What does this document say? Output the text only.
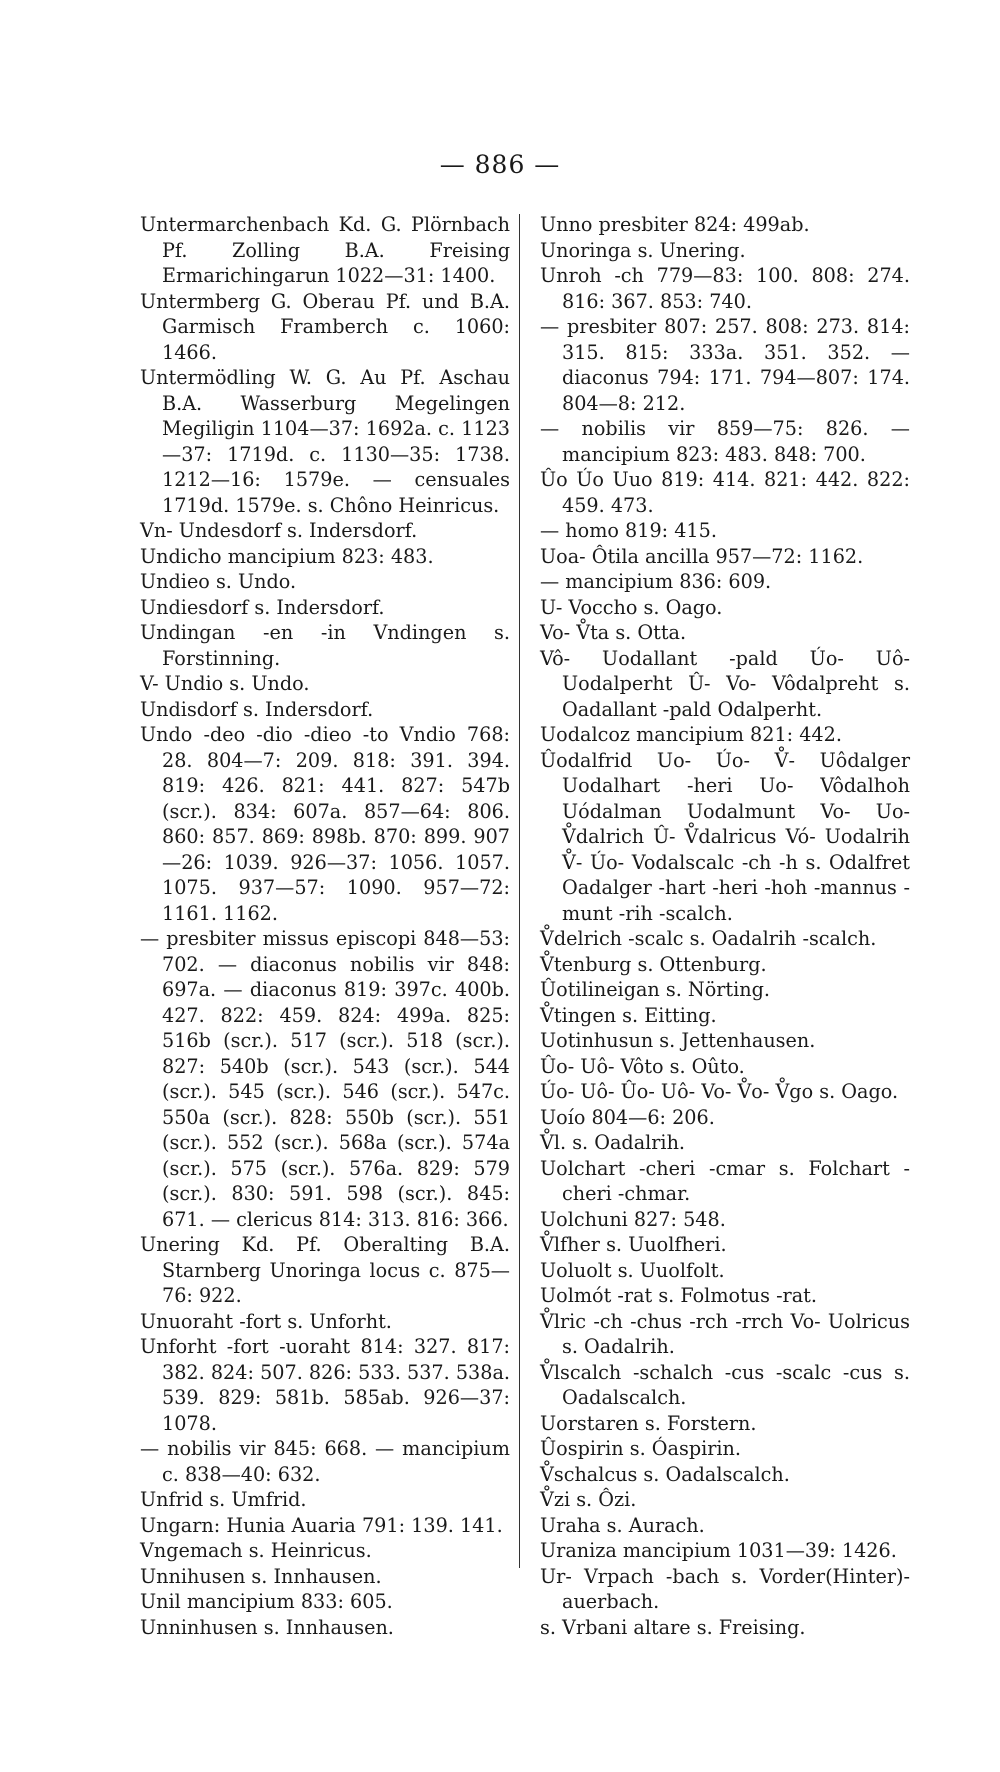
— 886 —
Untermarchenbach Kd. G. Plörnbach Pf. Zolling B.A. Freising Ermarichingarun 1022—31: 1400.
Untermberg G. Oberau Pf. und B.A. Garmisch Framberch c. 1060: 1466.
Untermödling W. G. Au Pf. Aschau B.A. Wasserburg Megelingen Megiligin 1104—37: 1692a. c. 1123—37: 1719d. c. 1130—35: 1738. 1212—16: 1579e. — censuales 1719d. 1579e. s. Chôno Heinricus.
Vn- Undesdorf s. Indersdorf.
Undicho mancipium 823: 483.
Undieo s. Undo.
Undiesdorf s. Indersdorf.
Undingan -en -in Vndingen s. Forstinning.
V- Undio s. Undo.
Undisdorf s. Indersdorf.
Undo -deo -dio -dieo -to Vndio 768: 28. 804—7: 209. 818: 391. 394. 819: 426. 821: 441. 827: 547b (scr.). 834: 607a. 857—64: 806. 860: 857. 869: 898b. 870: 899. 907—26: 1039. 926—37: 1056. 1057. 1075. 937—57: 1090. 957—72: 1161. 1162.
— presbiter missus episcopi 848—53: 702. — diaconus nobilis vir 848: 697a. — diaconus 819: 397c. 400b. 427. 822: 459. 824: 499a. 825: 516b (scr.). 517 (scr.). 518 (scr.). 827: 540b (scr.). 543 (scr.). 544 (scr.). 545 (scr.). 546 (scr.). 547c. 550a (scr.). 828: 550b (scr.). 551 (scr.). 552 (scr.). 568a (scr.). 574a (scr.). 575 (scr.). 576a. 829: 579 (scr.). 830: 591. 598 (scr.). 845: 671. — clericus 814: 313. 816: 366.
Unering Kd. Pf. Oberalting B.A. Starnberg Unoringa locus c. 875—76: 922.
Unuoraht -fort s. Unforht.
Unforht -fort -uoraht 814: 327. 817: 382. 824: 507. 826: 533. 537. 538a. 539. 829: 581b. 585ab. 926—37: 1078.
— nobilis vir 845: 668. — mancipium c. 838—40: 632.
Unfrid s. Umfrid.
Ungarn: Hunia Auaria 791: 139. 141.
Vngemach s. Heinricus.
Unnihusen s. Innhausen.
Unil mancipium 833: 605.
Unninhusen s. Innhausen.
Unno presbiter 824: 499ab.
Unoringa s. Unering.
Unroh -ch 779—83: 100. 808: 274. 816: 367. 853: 740.
— presbiter 807: 257. 808: 273. 814: 315. 815: 333a. 351. 352. — diaconus 794: 171. 794—807: 174. 804—8: 212.
— nobilis vir 859—75: 826. — mancipium 823: 483. 848: 700.
Ûo Úo Uuo 819: 414. 821: 442. 822: 459. 473.
— homo 819: 415.
Uoa- Ôtila ancilla 957—72: 1162.
— mancipium 836: 609.
U- Voccho s. Oago.
Vo- V̊ta s. Otta.
Vô- Uodallant -pald Úo- Uô- Uodalperht Û- Vo- Vôdalpreht s. Oadallant -pald Odalperht.
Uodalcoz mancipium 821: 442.
Ûodalfrid Uo- Úo- V̊- Uôdalger Uodalhart -heri Uo- Vôdalhoh Uódalman Uodalmunt Vo- Uo- V̊dalrich Û- V̊dalricus Vó- Uodalrih V̊- Úo- Vodalscalc -ch -h s. Odalfret Oadalger -hart -heri -hoh -mannus -munt -rih -scalch.
V̊delrich -scalc s. Oadalrih -scalch.
V̊tenburg s. Ottenburg.
Ûotilineigan s. Nörting.
V̊tingen s. Eitting.
Uotinhusun s. Jettenhausen.
Ûo- Uô- Vôto s. Oûto.
Úo- Uô- Ûo- Uô- Vo- V̊o- V̊go s. Oago.
Uoío 804—6: 206.
V̊l. s. Oadalrih.
Uolchart -cheri -cmar s. Folchart -cheri -chmar.
Uolchuni 827: 548.
V̊lfher s. Uuolfheri.
Uoluolt s. Uuolfolt.
Uolmót -rat s. Folmotus -rat.
V̊lric -ch -chus -rch -rrch Vo- Uolricus s. Oadalrih.
V̊lscalch -schalch -cus -scalc -cus s. Oadalscalch.
Uorstaren s. Forstern.
Ûospirin s. Óaspirin.
V̊schalcus s. Oadalscalch.
V̊zi s. Ôzi.
Uraha s. Aurach.
Uraniza mancipium 1031—39: 1426.
Ur- Vrpach -bach s. Vorder(Hinter)-auerbach.
s. Vrbani altare s. Freising.
